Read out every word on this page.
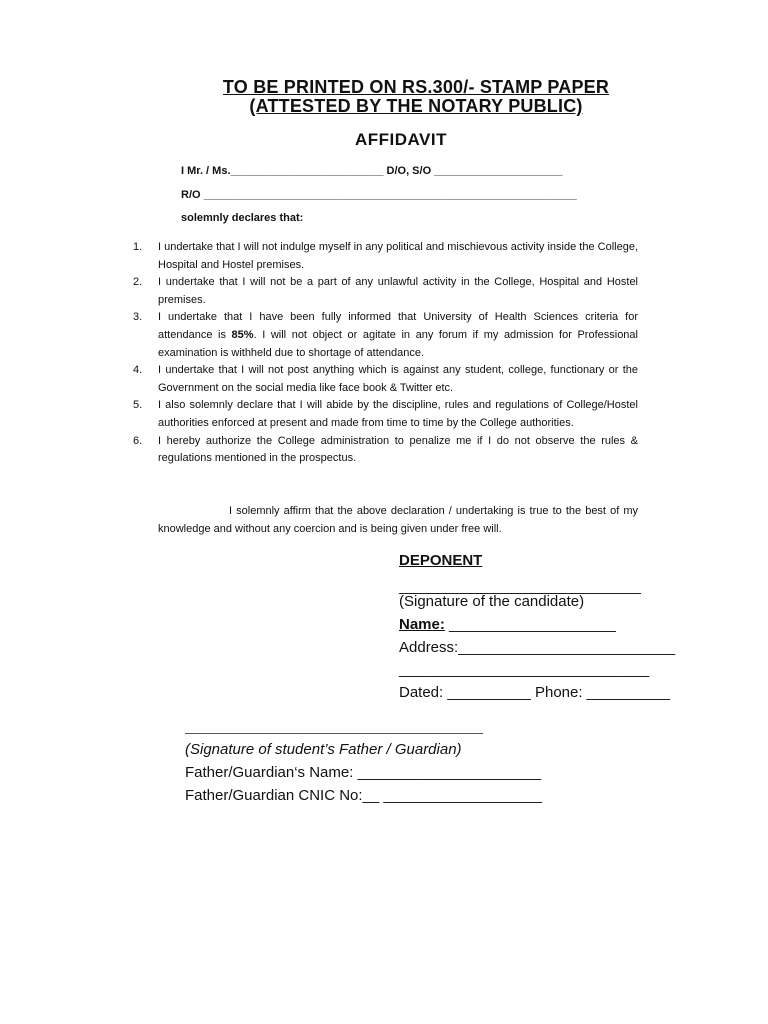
TO BE PRINTED ON RS.300/- STAMP PAPER
(ATTESTED BY THE NOTARY PUBLIC)
AFFIDAVIT
I Mr. / Ms._________________________ D/O, S/O _____________________
R/O _____________________________________________________________
solemnly declares that:
1. I undertake that I will not indulge myself in any political and mischievous activity inside the College, Hospital and Hostel premises.
2. I undertake that I will not be a part of any unlawful activity in the College, Hospital and Hostel premises.
3. I undertake that I have been fully informed that University of Health Sciences criteria for attendance is 85%. I will not object or agitate in any forum if my admission for Professional examination is withheld due to shortage of attendance.
4. I undertake that I will not post anything which is against any student, college, functionary or the Government on the social media like face book & Twitter etc.
5. I also solemnly declare that I will abide by the discipline, rules and regulations of College/Hostel authorities enforced at present and made from time to time by the College authorities.
6. I hereby authorize the College administration to penalize me if I do not observe the rules & regulations mentioned in the prospectus.
I solemnly affirm that the above declaration / undertaking is true to the best of my knowledge and without any coercion and is being given under free will.
DEPONENT
_____________________________
(Signature of the candidate)
Name: ____________________
Address:__________________________
______________________________
Dated: __________ Phone: __________
(Signature of student’s Father / Guardian)
Father/Guardian‘s Name: ______________________
Father/Guardian CNIC No:__ ___________________
